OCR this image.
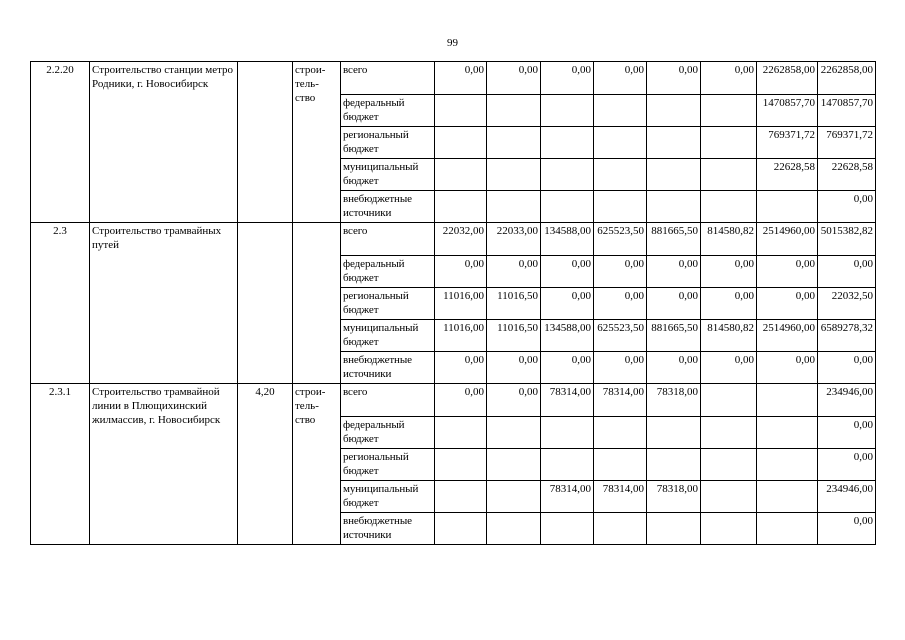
99
2.2.20	Строительство станции метро Родники, г. Новосибирск		строи-тель-ство	всего	0,00	0,00	0,00	0,00	0,00	0,00	2262858,00	2262858,00
				федеральный бюджет							1470857,70	1470857,70
				региональный бюджет							769371,72	769371,72
				муниципальный бюджет							22628,58	22628,58
				внебюджетные источники								0,00
2.3	Строительство трамвайных путей			всего	22032,00	22033,00	134588,00	625523,50	881665,50	814580,82	2514960,00	5015382,82
				федеральный бюджет	0,00	0,00	0,00	0,00	0,00	0,00	0,00	0,00
				региональный бюджет	11016,00	11016,50	0,00	0,00	0,00	0,00	0,00	22032,50
				муниципальный бюджет	11016,00	11016,50	134588,00	625523,50	881665,50	814580,82	2514960,00	6589278,32
				внебюджетные источники	0,00	0,00	0,00	0,00	0,00	0,00	0,00	0,00
2.3.1	Строительство трамвайной линии в Плющихинский жилмассив, г. Новосибирск	4,20	строи-тель-ство	всего	0,00	0,00	78314,00	78314,00	78318,00			234946,00
				федеральный бюджет								0,00
				региональный бюджет								0,00
				муниципальный бюджет			78314,00	78314,00	78318,00			234946,00
				внебюджетные источники								0,00
